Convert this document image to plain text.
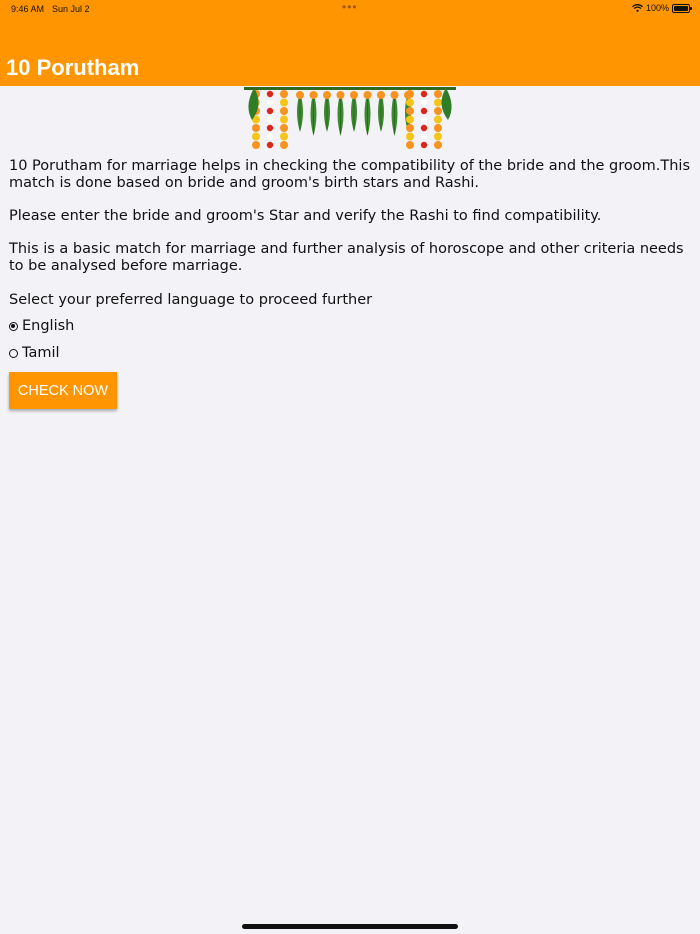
9:46 AM Sun Jul 2	•••	100%
10 Porutham

10 Porutham for marriage helps in checking the compatibility of the bride and the groom.This match is done based on bride and groom's birth stars and Rashi.

Please enter the bride and groom's Star and verify the Rashi to find compatibility.

This is a basic match for marriage and further analysis of horoscope and other criteria needs to be analysed before marriage.

Select your preferred language to proceed further

English
Tamil
CHECK NOW
